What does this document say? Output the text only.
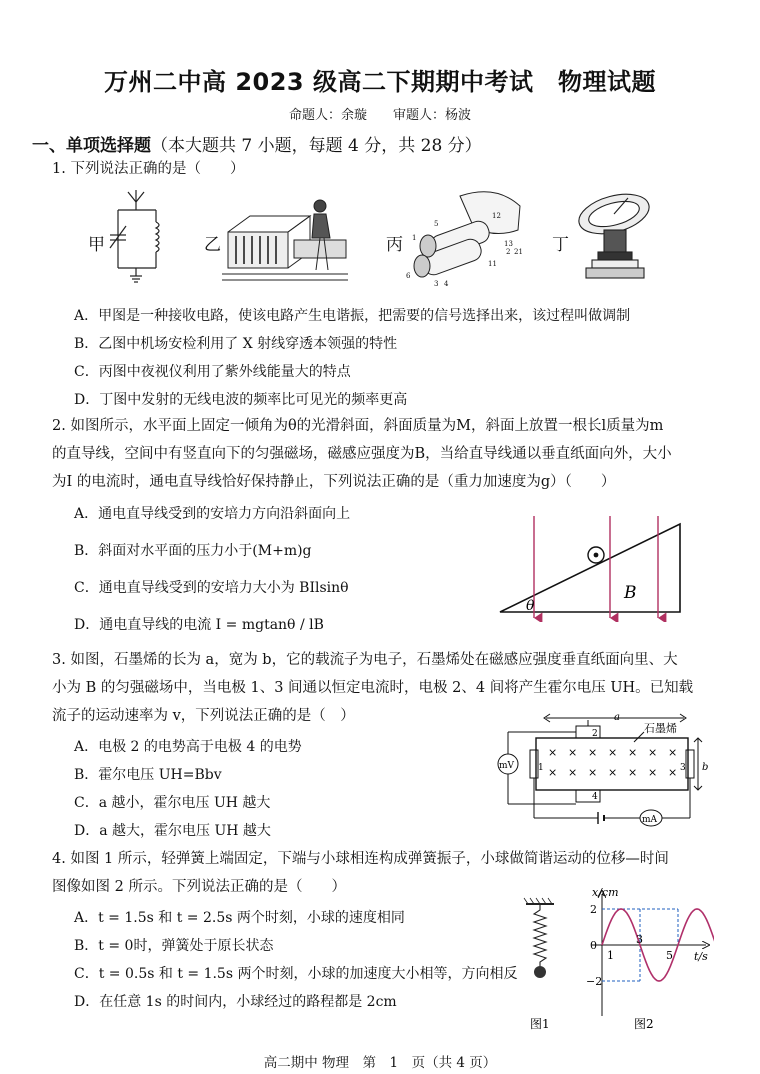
万州二中高 2023 级高二下期期中考试　物理试题
命题人：余璇　　审题人：杨波
一、单项选择题（本大题共 7 小题，每题 4 分，共 28 分）
1. 下列说法正确的是（　　）
甲	乙	丙
12
5
1
13
2 21
6
11
3 4
丁
A．甲图是一种接收电路，使该电路产生电谐振，把需要的信号选择出来，该过程叫做调制
B．乙图中机场安检利用了 X 射线穿透本领强的特性
C．丙图中夜视仪利用了紫外线能量大的特点
D．丁图中发射的无线电波的频率比可见光的频率更高
2. 如图所示，水平面上固定一倾角为θ的光滑斜面，斜面质量为M，斜面上放置一根长l质量为m
的直导线，空间中有竖直向下的匀强磁场，磁感应强度为B，当给直导线通以垂直纸面向外，大小
为I 的电流时，通电直导线恰好保持静止，下列说法正确的是（重力加速度为g）（　　）
A．通电直导线受到的安培力方向沿斜面向上
B．斜面对水平面的压力小于(M+m)g
C．通电直导线受到的安培力大小为 BIlsinθ
D．通电直导线的电流 I = mgtanθ / lB
θ
B
3. 如图，石墨烯的长为 a，宽为 b，它的载流子为电子，石墨烯处在磁感应强度垂直纸面向里、大
小为 B 的匀强磁场中，当电极 1、3 间通以恒定电流时，电极 2、4 间将产生霍尔电压 UH。已知载
流子的运动速率为 v，下列说法正确的是（　）
A．电极 2 的电势高于电极 4 的电势
B．霍尔电压 UH=Bbv
C．a 越小，霍尔电压 UH 越大
D．a 越大，霍尔电压 UH 越大
a
b
石墨烯
mV
mA
1
2
3
4
× × × × × × ×
× × × × × × ×
4. 如图 1 所示，轻弹簧上端固定，下端与小球相连构成弹簧振子，小球做简谐运动的位移—时间
图像如图 2 所示。下列说法正确的是（　　）
A．t = 1.5s 和 t = 2.5s 两个时刻，小球的速度相同
B．t = 0时，弹簧处于原长状态
C．t = 0.5s 和 t = 1.5s 两个时刻，小球的加速度大小相等，方向相反
D．在任意 1s 的时间内，小球经过的路程都是 2cm
图1
x/cm
t/s
2
0
−2
1
3
5
图2
高二期中 物理　第　1　页（共 4 页）
